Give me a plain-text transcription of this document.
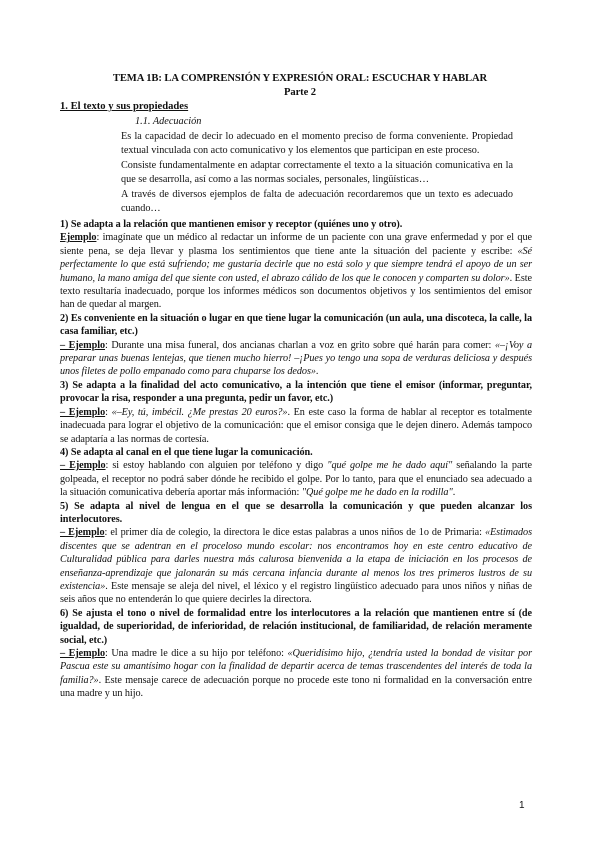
TEMA 1B: LA COMPRENSIÓN Y EXPRESIÓN ORAL: ESCUCHAR Y HABLAR
Parte 2
1. El texto y sus propiedades
1.1. Adecuación

Es la capacidad de decir lo adecuado en el momento preciso de forma conveniente. Propiedad textual vinculada con acto comunicativo y los elementos que participan en este proceso.

Consiste fundamentalmente en adaptar correctamente el texto a la situación comunicativa en la que se desarrolla, así como a las normas sociales, personales, lingüísticas…

A través de diversos ejemplos de falta de adecuación recordaremos que un texto es adecuado cuando…

1) Se adapta a la relación que mantienen emisor y receptor (quiénes uno y otro).

Ejemplo: imagínate que un médico al redactar un informe de un paciente con una grave enfermedad y por el que siente pena, se deja llevar y plasma los sentimientos que tiene ante la situación del paciente y escribe: «Sé perfectamente lo que está sufriendo; me gustaría decirle que no está solo y que siempre tendrá el apoyo de un ser humano, la mano amiga del que siente con usted, el abrazo cálido de los que le conocen y comparten su dolor». Este texto resultaría inadecuado, porque los informes médicos son documentos objetivos y los sentimientos del emisor han de quedar al margen.

2) Es conveniente en la situación o lugar en que tiene lugar la comunicación (un aula, una discoteca, la calle, la casa familiar, etc.)

– Ejemplo: Durante una misa funeral, dos ancianas charlan a voz en grito sobre qué harán para comer: «–¡Voy a preparar unas buenas lentejas, que tienen mucho hierro! –¡Pues yo tengo una sopa de verduras deliciosa y después unos filetes de pollo empanado como para chuparse los dedos».

3) Se adapta a la finalidad del acto comunicativo, a la intención que tiene el emisor (informar, preguntar, provocar la risa, responder a una pregunta, pedir un favor, etc.)

– Ejemplo: «–Ey, tú, imbécil. ¿Me prestas 20 euros?». En este caso la forma de hablar al receptor es totalmente inadecuada para lograr el objetivo de la comunicación: que el emisor consiga que le dejen dinero. Además tampoco se adaptaría a las normas de cortesía.

4) Se adapta al canal en el que tiene lugar la comunicación.

– Ejemplo: si estoy hablando con alguien por teléfono y digo "qué golpe me he dado aquí" señalando la parte golpeada, el receptor no podrá saber dónde he recibido el golpe. Por lo tanto, para que el enunciado sea adecuado a la situación comunicativa debería aportar más información: "Qué golpe me he dado en la rodilla".

5) Se adapta al nivel de lengua en el que se desarrolla la comunicación y que pueden alcanzar los interlocutores.

– Ejemplo: el primer día de colegio, la directora le dice estas palabras a unos niños de 1o de Primaria: «Estimados discentes que se adentran en el proceloso mundo escolar: nos encontramos hoy en este centro educativo de Culturalidad pública para darles nuestra más calurosa bienvenida a la etapa de iniciación en los procesos de enseñanza-aprendizaje que jalonarán su más cercana infancia durante al menos los tres primeros lustros de su existencia». Este mensaje se aleja del nivel, el léxico y el registro lingüístico adecuado para unos niños y niñas de seis años que no entenderán lo que quiere decirles la directora.

6) Se ajusta el tono o nivel de formalidad entre los interlocutores a la relación que mantienen entre sí (de igualdad, de superioridad, de inferioridad, de relación institucional, de familiaridad, de relación meramente social, etc.)

– Ejemplo: Una madre le dice a su hijo por teléfono: «Queridísimo hijo, ¿tendría usted la bondad de visitar por Pascua este su amantísimo hogar con la finalidad de departir acerca de temas trascendentes del interés de toda la familia?». Este mensaje carece de adecuación porque no procede este tono ni formalidad en la conversación entre una madre y un hijo.

1
